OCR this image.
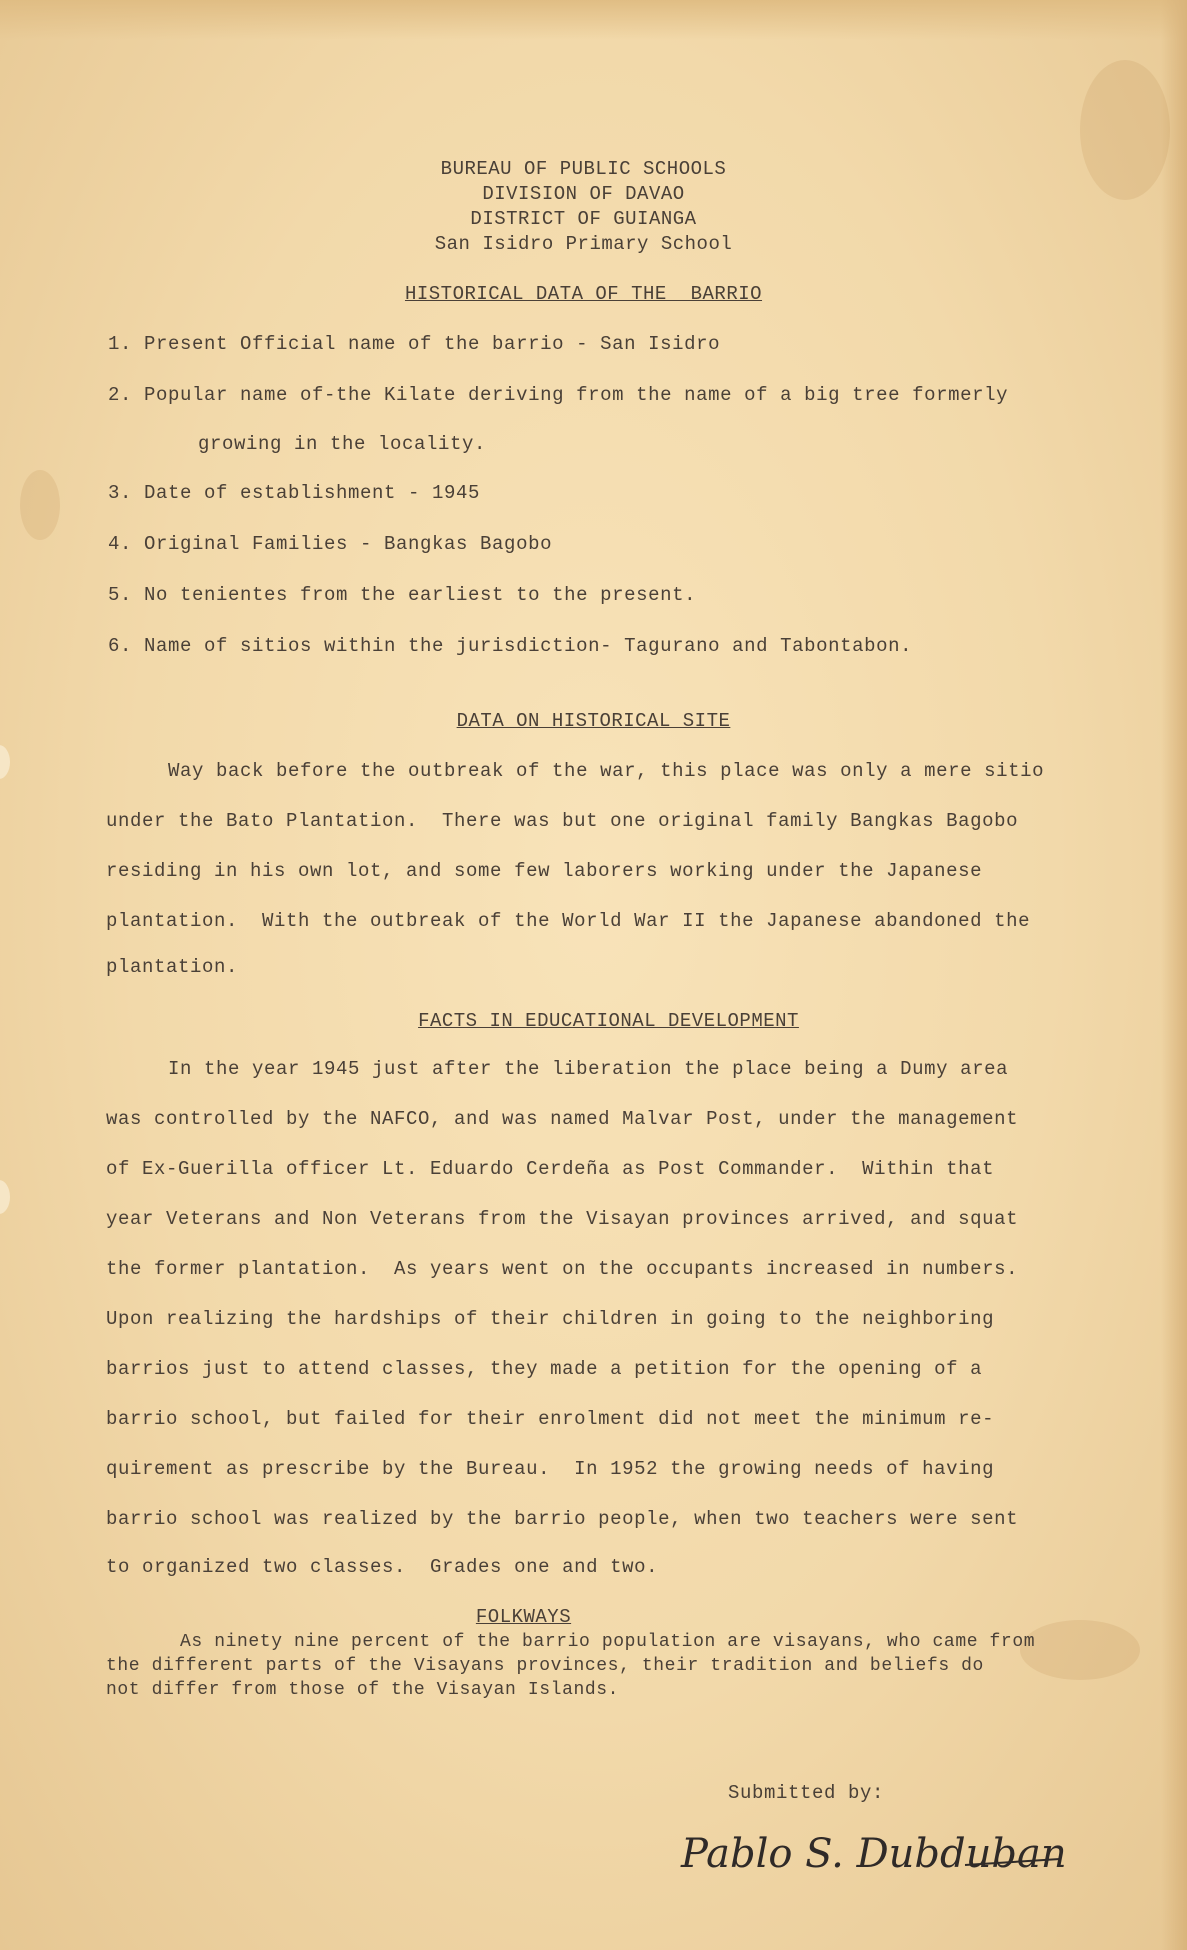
BUREAU OF PUBLIC SCHOOLS
DIVISION OF DAVAO
DISTRICT OF GUIANGA
San Isidro Primary School
HISTORICAL DATA OF THE  BARRIO
1. Present Official name of the barrio - San Isidro
2. Popular name of-the Kilate deriving from the name of a big tree formerly
growing in the locality.
3. Date of establishment - 1945
4. Original Families - Bangkas Bagobo
5. No tenientes from the earliest to the present.
6. Name of sitios within the jurisdiction- Tagurano and Tabontabon.
DATA ON HISTORICAL SITE
Way back before the outbreak of the war, this place was only a mere sitio
under the Bato Plantation.  There was but one original family Bangkas Bagobo
residing in his own lot, and some few laborers working under the Japanese
plantation.  With the outbreak of the World War II the Japanese abandoned the
plantation.
FACTS IN EDUCATIONAL DEVELOPMENT
In the year 1945 just after the liberation the place being a Dumy area
was controlled by the NAFCO, and was named Malvar Post, under the management
of Ex-Guerilla officer Lt. Eduardo Cerdeña as Post Commander.  Within that
year Veterans and Non Veterans from the Visayan provinces arrived, and squat
the former plantation.  As years went on the occupants increased in numbers.
Upon realizing the hardships of their children in going to the neighboring
barrios just to attend classes, they made a petition for the opening of a
barrio school, but failed for their enrolment did not meet the minimum re-
quirement as prescribe by the Bureau.  In 1952 the growing needs of having
barrio school was realized by the barrio people, when two teachers were sent
to organized two classes.  Grades one and two.
FOLKWAYS
As ninety nine percent of the barrio population are visayans, who came from
the different parts of the Visayans provinces, their tradition and beliefs do
not differ from those of the Visayan Islands.
Submitted by:
Pablo S. Dubduban
